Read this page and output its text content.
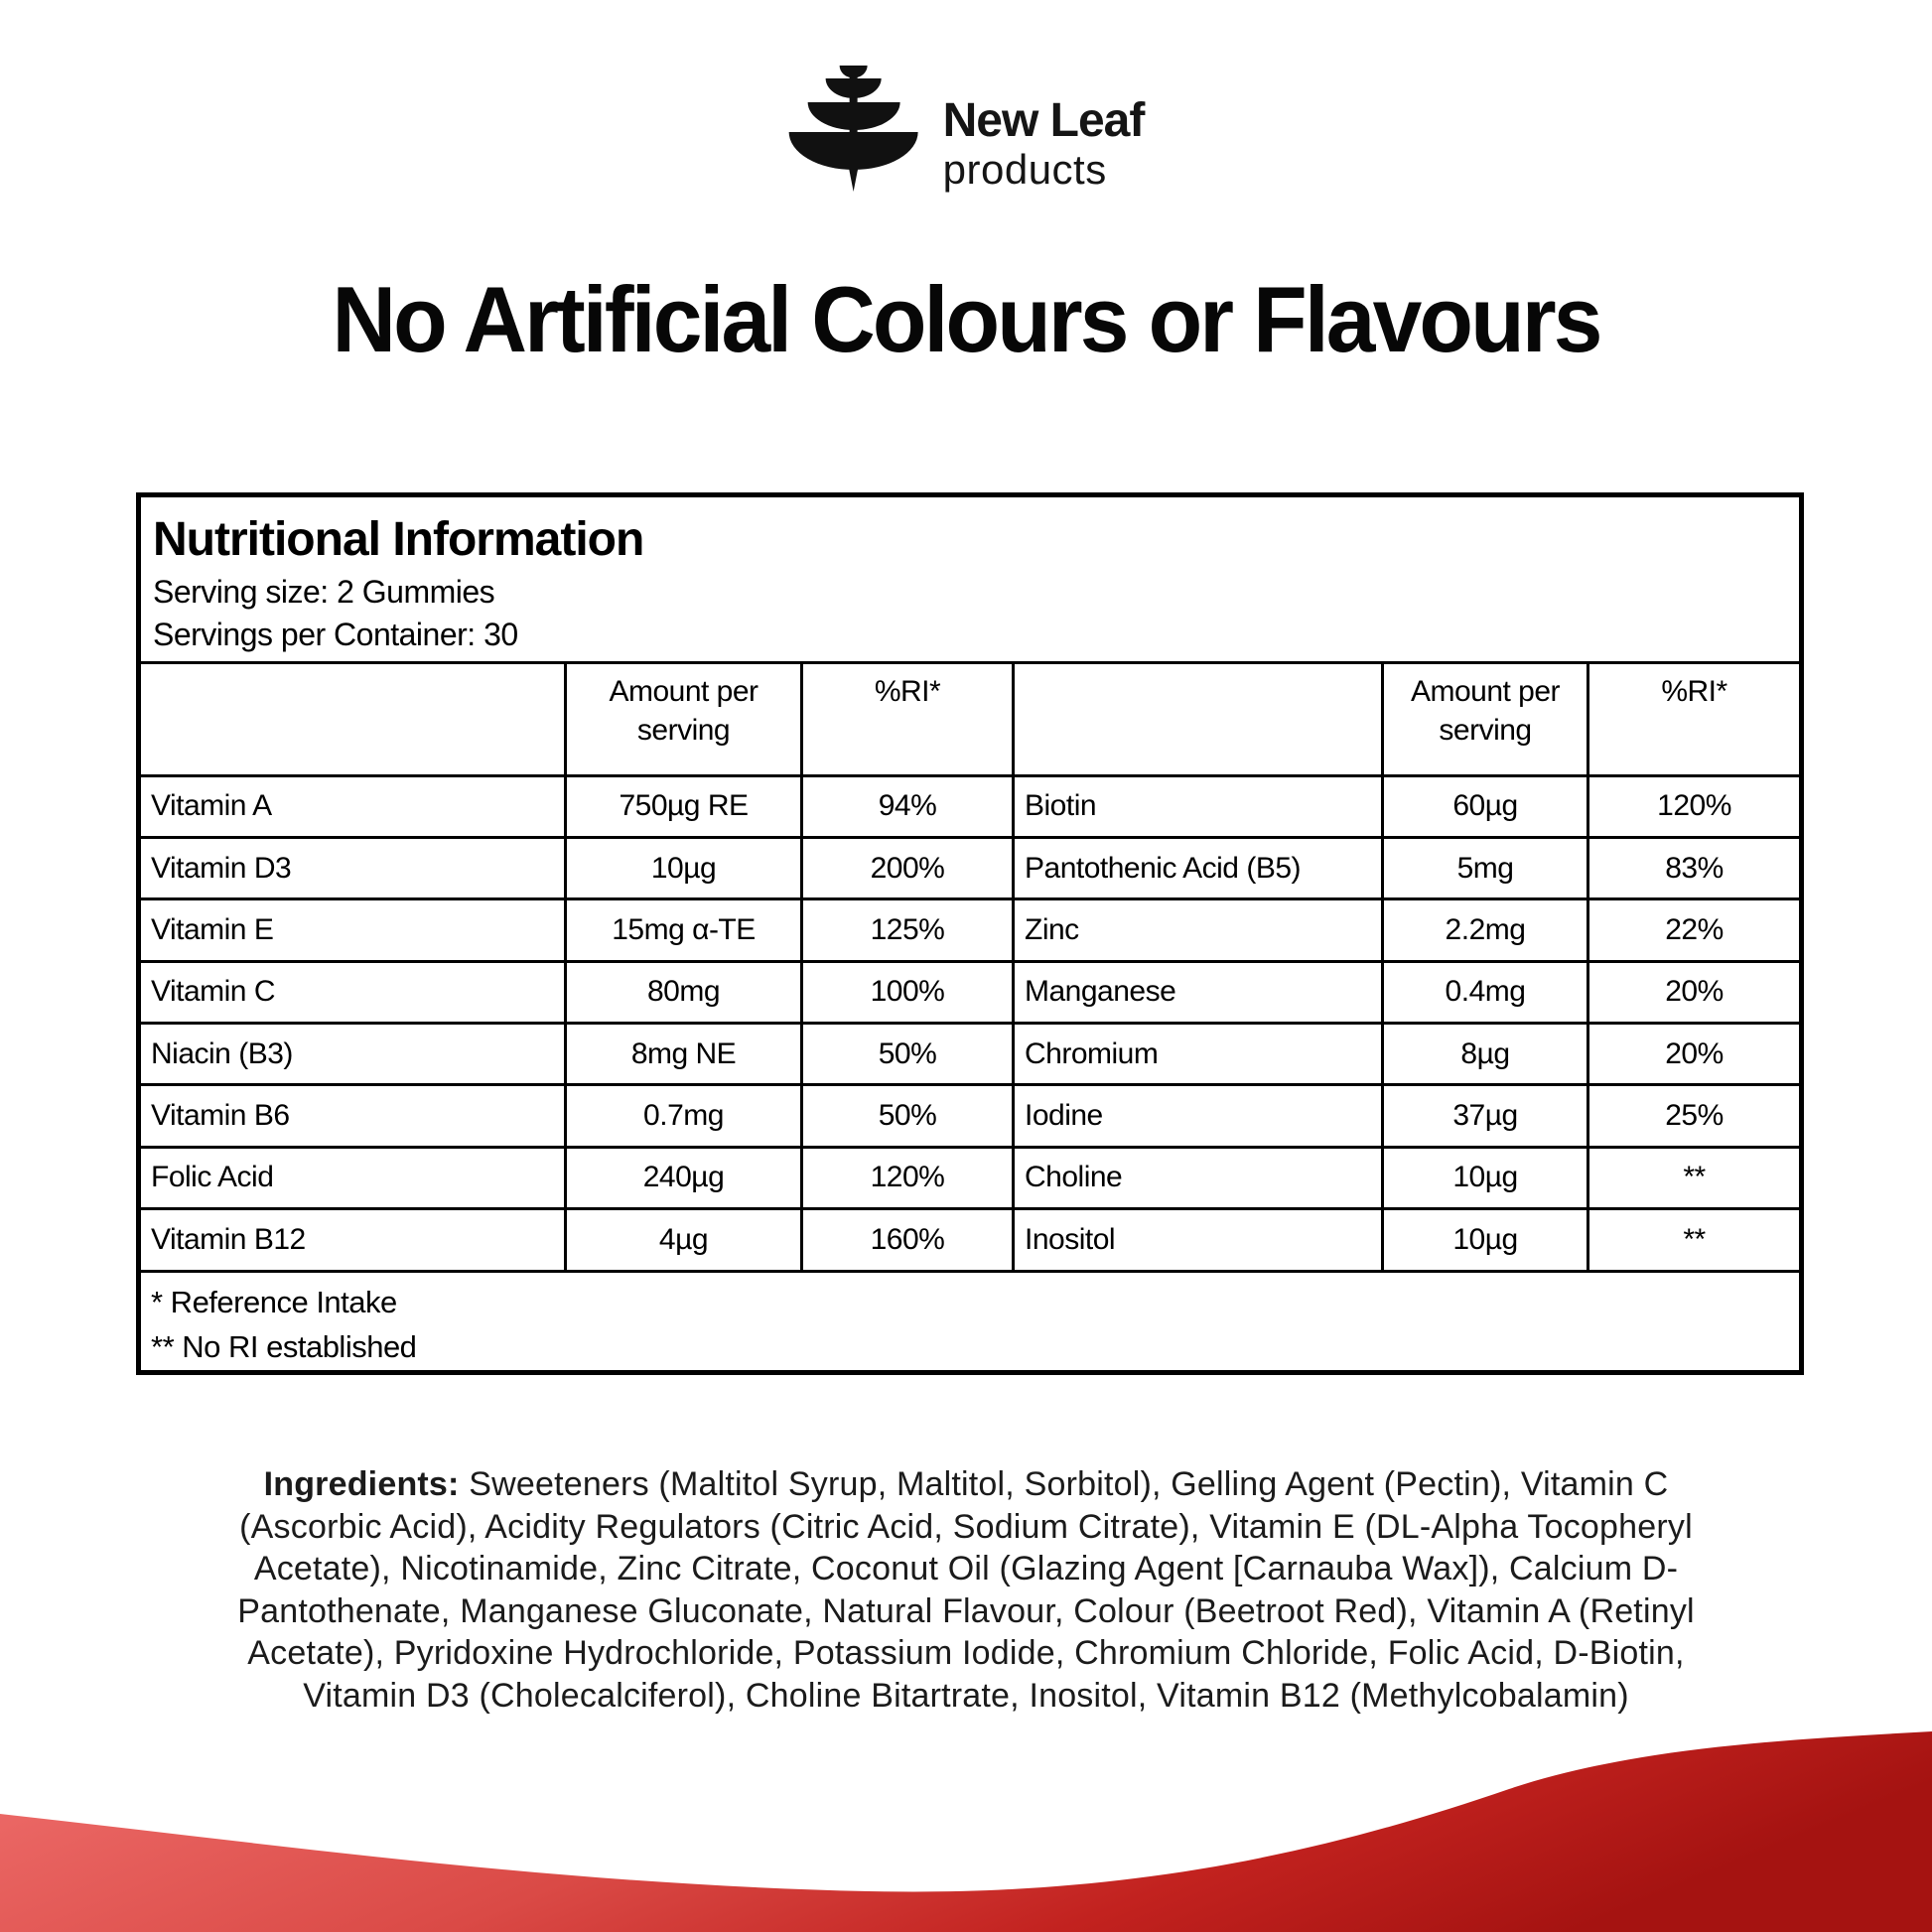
New Leaf
products
No Artificial Colours or Flavours
Nutritional Information
Serving size: 2 Gummies
Servings per Container: 30					

	Amount per serving	%RI*		Amount per serving	%RI*
Vitamin A	750µg RE	94%	Biotin	60µg	120%
Vitamin D3	10µg	200%	Pantothenic Acid (B5)	5mg	83%
Vitamin E	15mg α-TE	125%	Zinc	2.2mg	22%
Vitamin C	80mg	100%	Manganese	0.4mg	20%
Niacin (B3)	8mg NE	50%	Chromium	8µg	20%
Vitamin B6	0.7mg	50%	Iodine	37µg	25%
Folic Acid	240µg	120%	Choline	10µg	**
Vitamin B12	4µg	160%	Inositol	10µg	**

* Reference Intake
** No RI established					
Ingredients: Sweeteners (Maltitol Syrup, Maltitol, Sorbitol), Gelling Agent (Pectin), Vitamin C (Ascorbic Acid), Acidity Regulators (Citric Acid, Sodium Citrate), Vitamin E (DL-Alpha Tocopheryl Acetate), Nicotinamide, Zinc Citrate, Coconut Oil (Glazing Agent [Carnauba Wax]), Calcium D-Pantothenate, Manganese Gluconate, Natural Flavour, Colour (Beetroot Red), Vitamin A (Retinyl Acetate), Pyridoxine Hydrochloride, Potassium Iodide, Chromium Chloride, Folic Acid, D-Biotin, Vitamin D3 (Cholecalciferol), Choline Bitartrate, Inositol, Vitamin B12 (Methylcobalamin)
